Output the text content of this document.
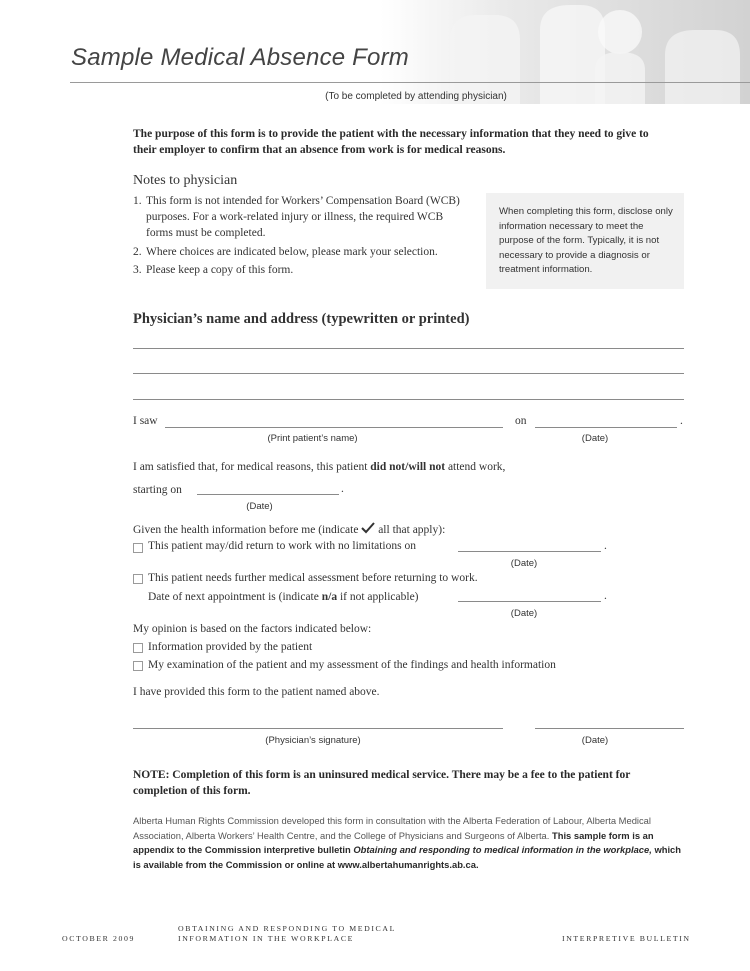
Sample Medical Absence Form
(To be completed by attending physician)
The purpose of this form is to provide the patient with the necessary information that they need to give to their employer to confirm that an absence from work is for medical reasons.
Notes to physician
1. This form is not intended for Workers’ Compensation Board (WCB) purposes. For a work-related injury or illness, the required WCB forms must be completed.
2. Where choices are indicated below, please mark your selection.
3. Please keep a copy of this form.
When completing this form, disclose only information necessary to meet the purpose of the form. Typically, it is not necessary to provide a diagnosis or treatment information.
Physician’s name and address (typewritten or printed)
I saw	on	.
(Print patient’s name)	(Date)
I am satisfied that, for medical reasons, this patient did not/will not attend work,
starting on	.
(Date)
Given the health information before me (indicate all that apply):
This patient may/did return to work with no limitations on	.
(Date)
This patient needs further medical assessment before returning to work.
Date of next appointment is (indicate n/a if not applicable)	.
(Date)
My opinion is based on the factors indicated below:
Information provided by the patient
My examination of the patient and my assessment of the findings and health information
I have provided this form to the patient named above.
(Physician’s signature)	(Date)
NOTE: Completion of this form is an uninsured medical service. There may be a fee to the patient for completion of this form.
Alberta Human Rights Commission developed this form in consultation with the Alberta Federation of Labour, Alberta Medical Association, Alberta Workers’ Health Centre, and the College of Physicians and Surgeons of Alberta. This sample form is an appendix to the Commission interpretive bulletin Obtaining and responding to medical information in the workplace, which is available from the Commission or online at www.albertahumanrights.ab.ca.
OCTOBER 2009
OBTAINING AND RESPONDING TO MEDICAL
INFORMATION IN THE WORKPLACE	INTERPRETIVE BULLETIN
